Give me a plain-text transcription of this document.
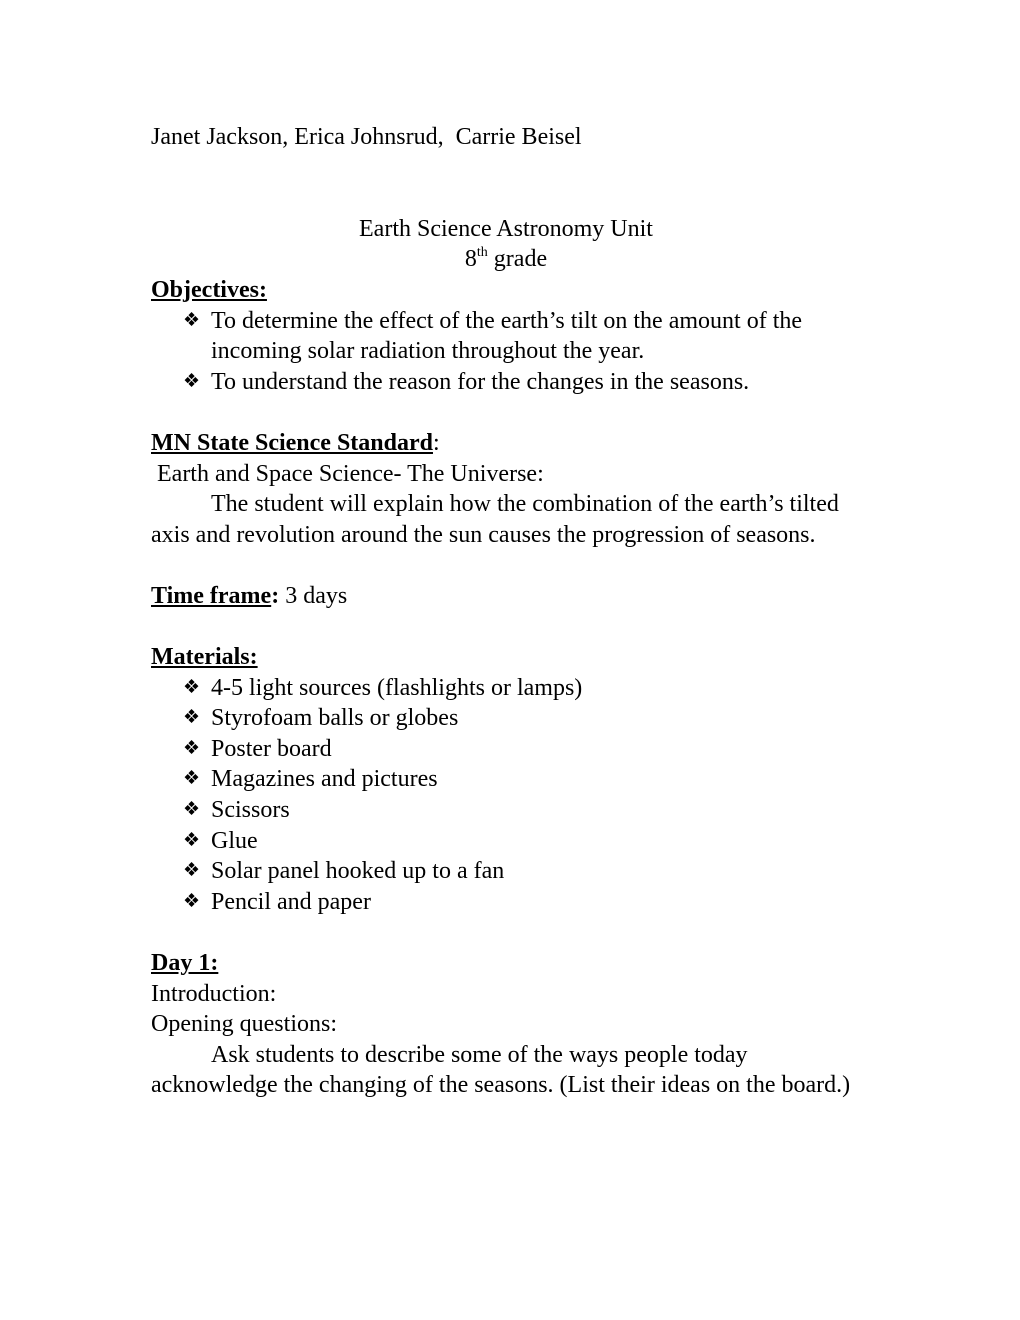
Janet Jackson, Erica Johnsrud,  Carrie Beisel
Earth Science Astronomy Unit
8th grade
Objectives:
❖ To determine the effect of the earth’s tilt on the amount of the incoming solar radiation throughout the year.
❖ To understand the reason for the changes in the seasons.
MN State Science Standard:
Earth and Space Science- The Universe:
The student will explain how the combination of the earth’s tilted axis and revolution around the sun causes the progression of seasons.
Time frame: 3 days
Materials:
❖ 4-5 light sources (flashlights or lamps)
❖ Styrofoam balls or globes
❖ Poster board
❖ Magazines and pictures
❖ Scissors
❖ Glue
❖ Solar panel hooked up to a fan
❖ Pencil and paper
Day 1:
Introduction:
Opening questions:
Ask students to describe some of the ways people today acknowledge the changing of the seasons. (List their ideas on the board.)
